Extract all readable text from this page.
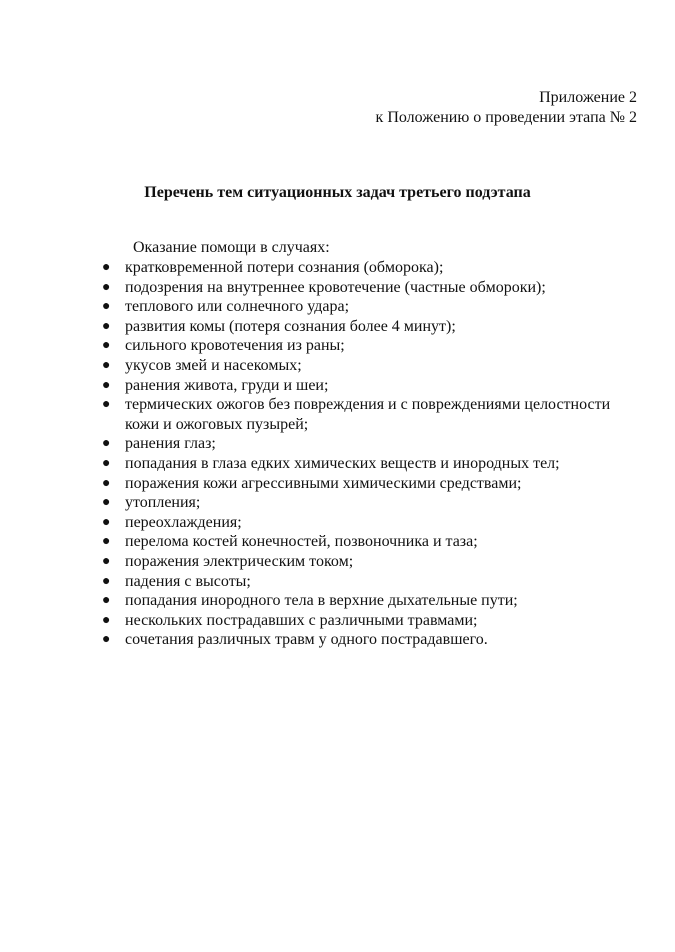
Приложение 2
к Положению о проведении этапа № 2
Перечень тем ситуационных задач третьего подэтапа
Оказание помощи в случаях:
● кратковременной потери сознания (обморока);
● подозрения на внутреннее кровотечение (частные обмороки);
● теплового или солнечного удара;
● развития комы (потеря сознания более 4 минут);
● сильного кровотечения из раны;
● укусов змей и насекомых;
● ранения живота, груди и шеи;
● термических ожогов без повреждения и с повреждениями целостности кожи и ожоговых пузырей;
● ранения глаз;
● попадания в глаза едких химических веществ и инородных тел;
● поражения кожи агрессивными химическими средствами;
● утопления;
● переохлаждения;
● перелома костей конечностей, позвоночника и таза;
● поражения электрическим током;
● падения с высоты;
● попадания инородного тела в верхние дыхательные пути;
● нескольких пострадавших с различными травмами;
● сочетания различных травм у одного пострадавшего.
